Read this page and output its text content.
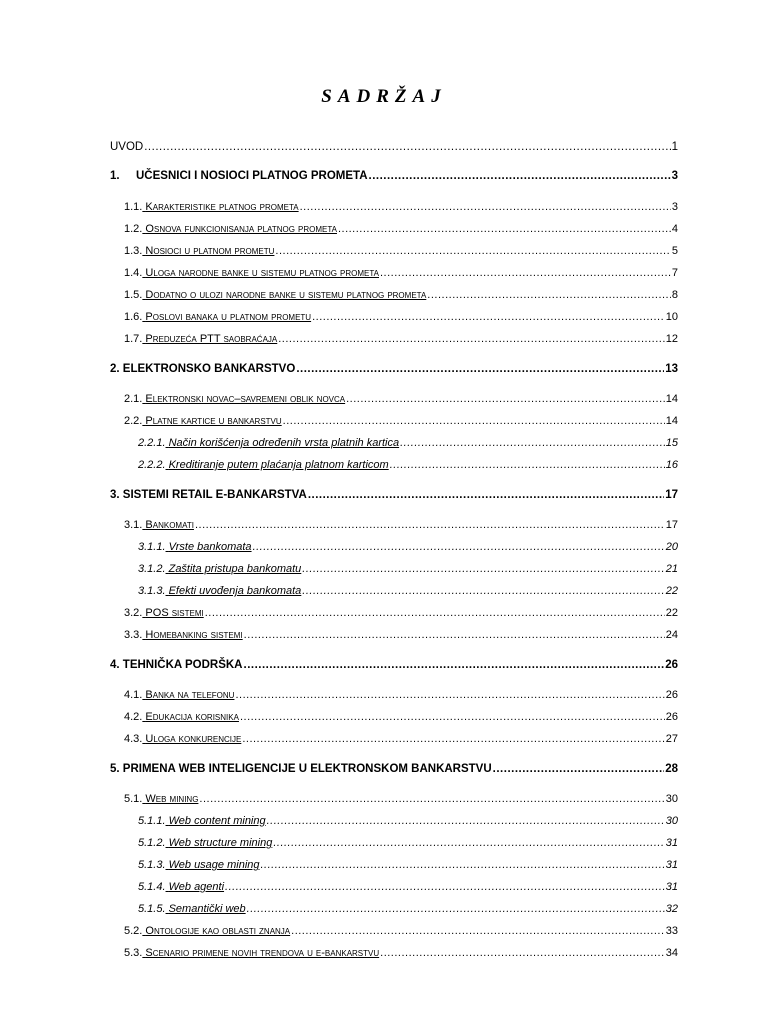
SADRŽAJ
UVOD .....	1
1. UČESNICI I NOSIOCI PLATNOG PROMETA .....	3
1.1. Karakteristike platnog prometa .....	3
1.2. Osnova funkcionisanja platnog prometa .....	4
1.3. Nosioci u platnom prometu .....	5
1.4. Uloga narodne banke u sistemu platnog prometa .....	7
1.5. Dodatno o ulozi narodne banke u sistemu platnog prometa .....	8
1.6. Poslovi banaka u platnom prometu .....	10
1.7. Preduzeća PTT saobraćaja .....	12
2. ELEKTRONSKO BANKARSTVO .....	13
2.1. Elektronski novac–savremeni oblik novca .....	14
2.2. Platne kartice u bankarstvu .....	14
2.2.1. Način korišćenja određenih vrsta platnih kartica .....	15
2.2.2. Kreditiranje putem plaćanja platnom karticom .....	16
3. SISTEMI RETAIL E-BANKARSTVA .....	17
3.1. Bankomati .....	17
3.1.1. Vrste bankomata .....	20
3.1.2. Zaštita pristupa bankomatu .....	21
3.1.3. Efekti uvođenja bankomata .....	22
3.2. POS sistemi .....	22
3.3. Homebanking sistemi .....	24
4. TEHNIČKA PODRŠKA .....	26
4.1. Banka na telefonu .....	26
4.2. Edukacija korisnika .....	26
4.3. Uloga konkurencije .....	27
5. PRIMENA WEB INTELIGENCIJE U ELEKTRONSKOM BANKARSTVU .....	28
5.1. Web mining .....	30
5.1.1. Web content mining .....	30
5.1.2. Web structure mining .....	31
5.1.3. Web usage mining .....	31
5.1.4. Web agenti .....	31
5.1.5. Semantički web .....	32
5.2. Ontologije kao oblasti znanja .....	33
5.3. Scenario primene novih trendova u e-bankarstvu .....	34
